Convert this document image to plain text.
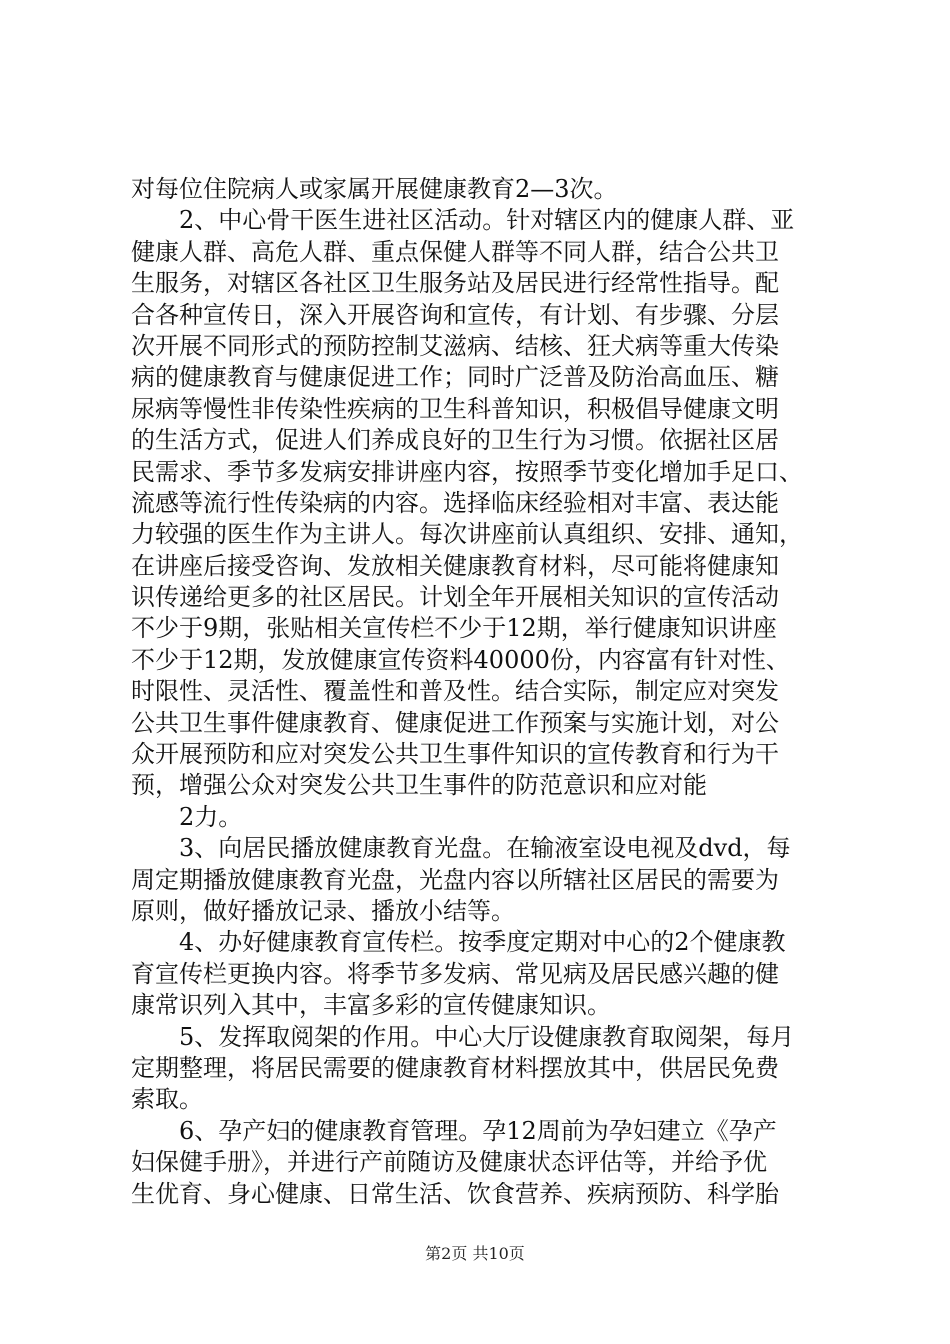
对每位住院病人或家属开展健康教育2—3次。
2、中心骨干医生进社区活动。针对辖区内的健康人群、亚
健康人群、高危人群、重点保健人群等不同人群，结合公共卫
生服务，对辖区各社区卫生服务站及居民进行经常性指导。配
合各种宣传日，深入开展咨询和宣传，有计划、有步骤、分层
次开展不同形式的预防控制艾滋病、结核、狂犬病等重大传染
病的健康教育与健康促进工作；同时广泛普及防治高血压、糖
尿病等慢性非传染性疾病的卫生科普知识，积极倡导健康文明
的生活方式，促进人们养成良好的卫生行为习惯。依据社区居
民需求、季节多发病安排讲座内容，按照季节变化增加手足口、
流感等流行性传染病的内容。选择临床经验相对丰富、表达能
力较强的医生作为主讲人。每次讲座前认真组织、安排、通知，
在讲座后接受咨询、发放相关健康教育材料，尽可能将健康知
识传递给更多的社区居民。计划全年开展相关知识的宣传活动
不少于9期，张贴相关宣传栏不少于12期，举行健康知识讲座
不少于12期，发放健康宣传资料40000份，内容富有针对性、
时限性、灵活性、覆盖性和普及性。结合实际，制定应对突发
公共卫生事件健康教育、健康促进工作预案与实施计划，对公
众开展预防和应对突发公共卫生事件知识的宣传教育和行为干
预，增强公众对突发公共卫生事件的防范意识和应对能
2力。
3、向居民播放健康教育光盘。在输液室设电视及dvd，每
周定期播放健康教育光盘，光盘内容以所辖社区居民的需要为
原则，做好播放记录、播放小结等。
4、办好健康教育宣传栏。按季度定期对中心的2个健康教
育宣传栏更换内容。将季节多发病、常见病及居民感兴趣的健
康常识列入其中，丰富多彩的宣传健康知识。
5、发挥取阅架的作用。中心大厅设健康教育取阅架，每月
定期整理，将居民需要的健康教育材料摆放其中，供居民免费
索取。
6、孕产妇的健康教育管理。孕12周前为孕妇建立《孕产
妇保健手册》，并进行产前随访及健康状态评估等，并给予优
生优育、身心健康、日常生活、饮食营养、疾病预防、科学胎
第2页 共10页
